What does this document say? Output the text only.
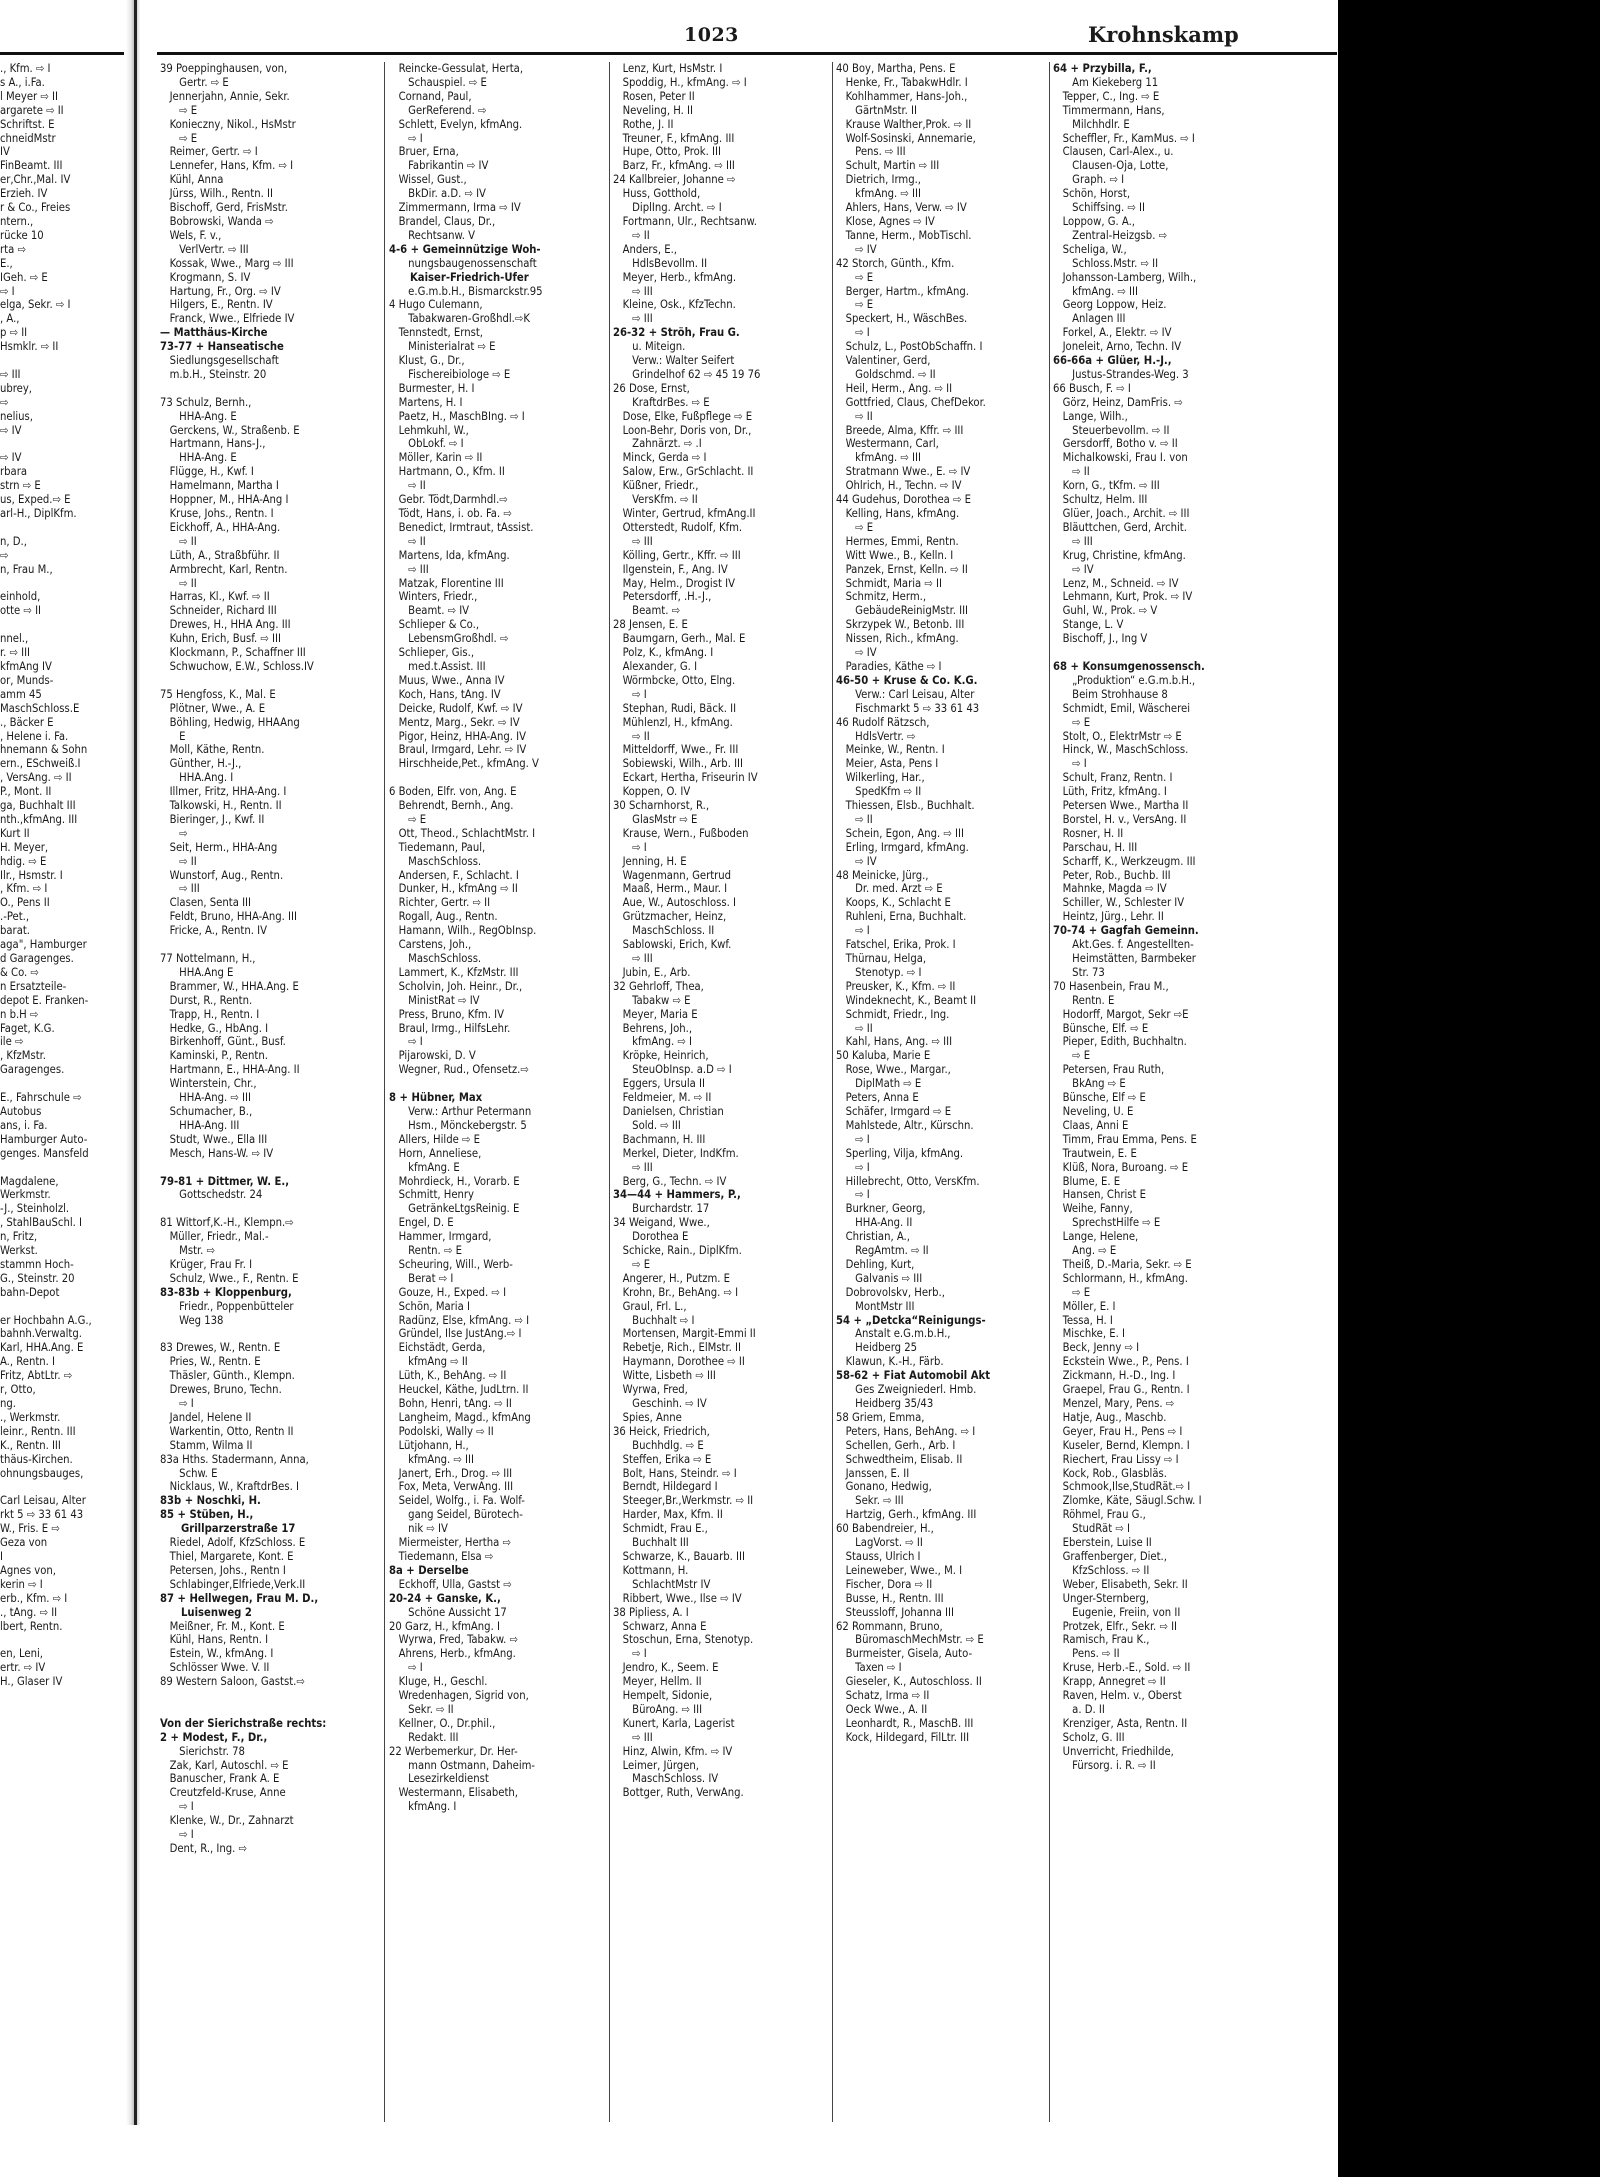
1023	Krohnskamp
., Kfm. ⇨ I
s A., i.Fa.
l Meyer ⇨ II
argarete ⇨ II
Schriftst. E
chneidMstr
IV
FinBeamt. III
er,Chr.,Mal. IV
Erzieh. IV
r & Co., Freies
ntern.,
rücke 10
rta ⇨
E.,
IGeh. ⇨ E
⇨ I
elga, Sekr. ⇨ I
, A.,
p ⇨ II
Hsmklr. ⇨ II

⇨ III
ubrey,
⇨
nelius,
⇨ IV

⇨ IV
rbara
strn ⇨ E
us, Exped.⇨ E
arl-H., DiplKfm.

n, D.,
⇨
n, Frau M.,

einhold,
otte ⇨ II

nnel.,
r. ⇨ III
kfmAng IV
or, Munds-
amm 45
MaschSchloss.E
., Bäcker E
, Helene i. Fa.
hnemann & Sohn
ern., ESchweiß.I
, VersAng. ⇨ II
P., Mont. II
ga, Buchhalt III
nth.,kfmAng. III
Kurt II
H. Meyer,
hdig. ⇨ E
Ilr., Hsmstr. I
, Kfm. ⇨ I
O., Pens II
.-Pet.,
barat.
aga", Hamburger
d Garagenges.
& Co. ⇨
n Ersatzteile-
depot E. Franken-
n b.H ⇨
Faget, K.G.
ile ⇨
, KfzMstr.
Garagenges.

E., Fahrschule ⇨
Autobus
ans, i. Fa.
Hamburger Auto-
genges. Mansfeld

Magdalene,
Werkmstr.
-J., Steinholzl.
, StahlBauSchl. I
n, Fritz,
Werkst.
stammn Hoch-
G., Steinstr. 20
bahn-Depot

er Hochbahn A.G.,
bahnh.Verwaltg.
Karl, HHA.Ang. E
A., Rentn. I
Fritz, AbtLtr. ⇨
r, Otto,
ng.
., Werkmstr.
leinr., Rentn. III
K., Rentn. III
thäus-Kirchen.
ohnungsbauges,

Carl Leisau, Alter
rkt 5 ⇨ 33 61 43
W., Fris. E ⇨
Geza von
I
Agnes von,
kerin ⇨ I
erb., Kfm. ⇨ I
., tAng. ⇨ II
lbert, Rentn.

en, Leni,
ertr. ⇨ IV
H., Glaser IV
39 Poeppinghausen, von,
Gertr. ⇨ E
Jennerjahn, Annie, Sekr.
⇨ E
Konieczny, Nikol., HsMstr
⇨ E
Reimer, Gertr. ⇨ I
Lennefer, Hans, Kfm. ⇨ I
Kühl, Anna
Jürss, Wilh., Rentn. II
Bischoff, Gerd, FrisMstr.
Bobrowski, Wanda ⇨
Wels, F. v.,
VerlVertr. ⇨ III
Kossak, Wwe., Marg ⇨ III
Krogmann, S. IV
Hartung, Fr., Org. ⇨ IV
Hilgers, E., Rentn. IV
Franck, Wwe., Elfriede IV
— Matthäus-Kirche
73-77 + Hanseatische
Siedlungsgesellschaft
m.b.H., Steinstr. 20

73 Schulz, Bernh.,
HHA-Ang. E
Gerckens, W., Straßenb. E
Hartmann, Hans-J.,
HHA-Ang. E
Flügge, H., Kwf. I
Hamelmann, Martha I
Hoppner, M., HHA-Ang I
Kruse, Johs., Rentn. I
Eickhoff, A., HHA-Ang.
⇨ II
Lüth, A., Straßbführ. II
Armbrecht, Karl, Rentn.
⇨ II
Harras, Kl., Kwf. ⇨ II
Schneider, Richard III
Drewes, H., HHA Ang. III
Kuhn, Erich, Busf. ⇨ III
Klockmann, P., Schaffner III
Schwuchow, E.W., Schloss.IV

75 Hengfoss, K., Mal. E
Plötner, Wwe., A. E
Böhling, Hedwig, HHAAng
E
Moll, Käthe, Rentn.
Günther, H.-J.,
HHA.Ang. I
Illmer, Fritz, HHA-Ang. I
Talkowski, H., Rentn. II
Bieringer, J., Kwf. II
⇨
Seit, Herm., HHA-Ang
⇨ II
Wunstorf, Aug., Rentn.
⇨ III
Clasen, Senta III
Feldt, Bruno, HHA-Ang. III
Fricke, A., Rentn. IV

77 Nottelmann, H.,
HHA.Ang E
Brammer, W., HHA.Ang. E
Durst, R., Rentn.
Trapp, H., Rentn. I
Hedke, G., HbAng. I
Birkenhoff, Günt., Busf.
Kaminski, P., Rentn.
Hartmann, E., HHA-Ang. II
Winterstein, Chr.,
HHA-Ang. ⇨ III
Schumacher, B.,
HHA-Ang. III
Studt, Wwe., Ella III
Mesch, Hans-W. ⇨ IV

79-81 + Dittmer, W. E.,
Gottschedstr. 24

81 Wittorf,K.-H., Klempn.⇨
Müller, Friedr., Mal.-
Mstr. ⇨
Krüger, Frau Fr. I
Schulz, Wwe., F., Rentn. E
83-83b + Kloppenburg,
Friedr., Poppenbütteler
Weg 138

83 Drewes, W., Rentn. E
Pries, W., Rentn. E
Thäsler, Günth., Klempn.
Drewes, Bruno, Techn.
⇨ I
Jandel, Helene II
Warkentin, Otto, Rentn II
Stamm, Wilma II
83a Hths. Stadermann, Anna,
Schw. E
Nicklaus, W., KraftdrBes. I
83b + Noschki, H.
85 + Stüben, H.,
Grillparzerstraße 17
Riedel, Adolf, KfzSchloss. E
Thiel, Margarete, Kont. E
Petersen, Johs., Rentn I
Schlabinger,Elfriede,Verk.II
87 + Hellwegen, Frau M. D.,
Luisenweg 2
Meißner, Fr. M., Kont. E
Kühl, Hans, Rentn. I
Estein, W., kfmAng. I
Schlösser Wwe. V. II
89 Western Saloon, Gastst.⇨

Von der Sierichstraße rechts:
2 + Modest, F., Dr.,
Sierichstr. 78
Zak, Karl, Autoschl. ⇨ E
Banuscher, Frank A. E
Creutzfeld-Kruse, Anne
⇨ I
Klenke, W., Dr., Zahnarzt
⇨ I
Dent, R., Ing. ⇨
Reincke-Gessulat, Herta,
Schauspiel. ⇨ E
Cornand, Paul,
GerReferend. ⇨
Schlett, Evelyn, kfmAng.
⇨ I
Bruer, Erna,
Fabrikantin ⇨ IV
Wissel, Gust.,
BkDir. a.D. ⇨ IV
Zimmermann, Irma ⇨ IV
Brandel, Claus, Dr.,
Rechtsanw. V
4-6 + Gemeinnützige Woh-
nungsbaugenossenschaft
Kaiser-Friedrich-Ufer
e.G.m.b.H., Bismarckstr.95
4 Hugo Culemann,
Tabakwaren-Großhdl.⇨K
Tennstedt, Ernst,
Ministerialrat ⇨ E
Klust, G., Dr.,
Fischereibiologe ⇨ E
Burmester, H. I
Martens, H. I
Paetz, H., MaschBIng. ⇨ I
Lehmkuhl, W.,
ObLokf. ⇨ I
Möller, Karin ⇨ II
Hartmann, O., Kfm. II
⇨ II
Gebr. Tödt,Darmhdl.⇨
Tödt, Hans, i. ob. Fa. ⇨
Benedict, Irmtraut, tAssist.
⇨ II
Martens, Ida, kfmAng.
⇨ III
Matzak, Florentine III
Winters, Friedr.,
Beamt. ⇨ IV
Schlieper & Co.,
LebensmGroßhdl. ⇨
Schlieper, Gis.,
med.t.Assist. III
Muus, Wwe., Anna IV
Koch, Hans, tAng. IV
Deicke, Rudolf, Kwf. ⇨ IV
Mentz, Marg., Sekr. ⇨ IV
Pigor, Heinz, HHA-Ang. IV
Braul, Irmgard, Lehr. ⇨ IV
Hirschheide,Pet., kfmAng. V

6 Boden, Elfr. von, Ang. E
Behrendt, Bernh., Ang.
⇨ E
Ott, Theod., SchlachtMstr. I
Tiedemann, Paul,
MaschSchloss.
Andersen, F., Schlacht. I
Dunker, H., kfmAng ⇨ II
Richter, Gertr. ⇨ II
Rogall, Aug., Rentn.
Hamann, Wilh., RegObInsp.
Carstens, Joh.,
MaschSchloss.
Lammert, K., KfzMstr. III
Scholvin, Joh. Heinr., Dr.,
MinistRat ⇨ IV
Press, Bruno, Kfm. IV
Braul, Irmg., HilfsLehr.
⇨ I
Pijarowski, D. V
Wegner, Rud., Ofensetz.⇨

8 + Hübner, Max
Verw.: Arthur Petermann
Hsm., Mönckebergstr. 5
Allers, Hilde ⇨ E
Horn, Anneliese,
kfmAng. E
Mohrdieck, H., Vorarb. E
Schmitt, Henry
GetränkeLtgsReinig. E
Engel, D. E
Hammer, Irmgard,
Rentn. ⇨ E
Scheuring, Will., Werb-
Berat ⇨ I
Gouze, H., Exped. ⇨ I
Schön, Maria I
Radünz, Else, kfmAng. ⇨ I
Gründel, Ilse JustAng.⇨ I
Eichstädt, Gerda,
kfmAng ⇨ II
Lüth, K., BehAng. ⇨ II
Heuckel, Käthe, JudLtrn. II
Bohn, Henri, tAng. ⇨ II
Langheim, Magd., kfmAng
Podolski, Wally ⇨ II
Lütjohann, H.,
kfmAng. ⇨ III
Janert, Erh., Drog. ⇨ III
Fox, Meta, VerwAng. III
Seidel, Wolfg., i. Fa. Wolf-
gang Seidel, Bürotech-
nik ⇨ IV
Miermeister, Hertha ⇨
Tiedemann, Elsa ⇨
8a + Derselbe
Eckhoff, Ulla, Gastst ⇨
20-24 + Ganske, K.,
Schöne Aussicht 17
20 Garz, H., kfmAng. I
Wyrwa, Fred, Tabakw. ⇨
Ahrens, Herb., kfmAng.
⇨ I
Kluge, H., Geschl.
Wredenhagen, Sigrid von,
Sekr. ⇨ II
Kellner, O., Dr.phil.,
Redakt. III
22 Werbemerkur, Dr. Her-
mann Ostmann, Daheim-
Lesezirkeldienst
Westermann, Elisabeth,
kfmAng. I
Lenz, Kurt, HsMstr. I
Spoddig, H., kfmAng. ⇨ I
Rosen, Peter II
Neveling, H. II
Rothe, J. II
Treuner, F., kfmAng. III
Hupe, Otto, Prok. III
Barz, Fr., kfmAng. ⇨ III
24 Kallbreier, Johanne ⇨
Huss, Gotthold,
DiplIng. Archt. ⇨ I
Fortmann, Ulr., Rechtsanw.
⇨ II
Anders, E.,
HdlsBevollm. II
Meyer, Herb., kfmAng.
⇨ III
Kleine, Osk., KfzTechn.
⇨ III
26-32 + Ströh, Frau G.
u. Miteign.
Verw.: Walter Seifert
Grindelhof 62 ⇨ 45 19 76
26 Dose, Ernst,
KraftdrBes. ⇨ E
Dose, Elke, Fußpflege ⇨ E
Loon-Behr, Doris von, Dr.,
Zahnärzt. ⇨ .I
Minck, Gerda ⇨ I
Salow, Erw., GrSchlacht. II
Küßner, Friedr.,
VersKfm. ⇨ II
Winter, Gertrud, kfmAng.II
Otterstedt, Rudolf, Kfm.
⇨ III
Kölling, Gertr., Kffr. ⇨ III
Ilgenstein, F., Ang. IV
May, Helm., Drogist IV
Petersdorff, .H.-J.,
Beamt. ⇨
28 Jensen, E. E
Baumgarn, Gerh., Mal. E
Polz, K., kfmAng. I
Alexander, G. I
Wörmbcke, Otto, Elng.
⇨ I
Stephan, Rudi, Bäck. II
Mühlenzl, H., kfmAng.
⇨ II
Mitteldorff, Wwe., Fr. III
Sobiewski, Wilh., Arb. III
Eckart, Hertha, Friseurin IV
Koppen, O. IV
30 Scharnhorst, R.,
GlasMstr ⇨ E
Krause, Wern., Fußboden
⇨ I
Jenning, H. E
Wagenmann, Gertrud
Maaß, Herm., Maur. I
Aue, W., Autoschloss. I
Grützmacher, Heinz,
MaschSchloss. II
Sablowski, Erich, Kwf.
⇨ III
Jubin, E., Arb.
32 Gehrloff, Thea,
Tabakw ⇨ E
Meyer, Maria E
Behrens, Joh.,
kfmAng. ⇨ I
Kröpke, Heinrich,
SteuObInsp. a.D ⇨ I
Eggers, Ursula II
Feldmeier, M. ⇨ II
Danielsen, Christian
Sold. ⇨ III
Bachmann, H. III
Merkel, Dieter, IndKfm.
⇨ III
Berg, G., Techn. ⇨ IV
34—44 + Hammers, P.,
Burchardstr. 17
34 Weigand, Wwe.,
Dorothea E
Schicke, Rain., DiplKfm.
⇨ E
Angerer, H., Putzm. E
Krohn, Br., BehAng. ⇨ I
Graul, Frl. L.,
Buchhalt ⇨ I
Mortensen, Margit-Emmi II
Rebetje, Rich., ElMstr. II
Haymann, Dorothee ⇨ II
Witte, Lisbeth ⇨ III
Wyrwa, Fred,
Geschinh. ⇨ IV
Spies, Anne
36 Heick, Friedrich,
Buchhdlg. ⇨ E
Steffen, Erika ⇨ E
Bolt, Hans, Steindr. ⇨ I
Berndt, Hildegard I
Steeger,Br.,Werkmstr. ⇨ II
Harder, Max, Kfm. II
Schmidt, Frau E.,
Buchhalt III
Schwarze, K., Bauarb. III
Kottmann, H.
SchlachtMstr IV
Ribbert, Wwe., Ilse ⇨ IV
38 Pipliess, A. I
Schwarz, Anna E
Stoschun, Erna, Stenotyp.
⇨ I
Jendro, K., Seem. E
Meyer, Hellm. II
Hempelt, Sidonie,
BüroAng. ⇨ III
Kunert, Karla, Lagerist
⇨ III
Hinz, Alwin, Kfm. ⇨ IV
Leimer, Jürgen,
MaschSchloss. IV
Bottger, Ruth, VerwAng.
40 Boy, Martha, Pens. E
Henke, Fr., TabakwHdlr. I
Kohlhammer, Hans-Joh.,
GärtnMstr. II
Krause Walther,Prok. ⇨ II
Wolf-Sosinski, Annemarie,
Pens. ⇨ III
Schult, Martin ⇨ III
Dietrich, Irmg.,
kfmAng. ⇨ III
Ahlers, Hans, Verw. ⇨ IV
Klose, Agnes ⇨ IV
Tanne, Herm., MobTischl.
⇨ IV
42 Storch, Günth., Kfm.
⇨ E
Berger, Hartm., kfmAng.
⇨ E
Speckert, H., WäschBes.
⇨ I
Schulz, L., PostObSchaffn. I
Valentiner, Gerd,
Goldschmd. ⇨ II
Heil, Herm., Ang. ⇨ II
Gottfried, Claus, ChefDekor.
⇨ II
Breede, Alma, Kffr. ⇨ III
Westermann, Carl,
kfmAng. ⇨ III
Stratmann Wwe., E. ⇨ IV
Ohlrich, H., Techn. ⇨ IV
44 Gudehus, Dorothea ⇨ E
Kelling, Hans, kfmAng.
⇨ E
Hermes, Emmi, Rentn.
Witt Wwe., B., Kelln. I
Panzek, Ernst, Kelln. ⇨ II
Schmidt, Maria ⇨ II
Schmitz, Herm.,
GebäudeReinigMstr. III
Skrzypek W., Betonb. III
Nissen, Rich., kfmAng.
⇨ IV
Paradies, Käthe ⇨ I
46-50 + Kruse & Co. K.G.
Verw.: Carl Leisau, Alter
Fischmarkt 5 ⇨ 33 61 43
46 Rudolf Rätzsch,
HdlsVertr. ⇨
Meinke, W., Rentn. I
Meier, Asta, Pens I
Wilkerling, Har.,
SpedKfm ⇨ II
Thiessen, Elsb., Buchhalt.
⇨ II
Schein, Egon, Ang. ⇨ III
Erling, Irmgard, kfmAng.
⇨ IV
48 Meinicke, Jürg.,
Dr. med. Arzt ⇨ E
Koops, K., Schlacht E
Ruhleni, Erna, Buchhalt.
⇨ I
Fatschel, Erika, Prok. I
Thürnau, Helga,
Stenotyp. ⇨ I
Preusker, K., Kfm. ⇨ II
Windeknecht, K., Beamt II
Schmidt, Friedr., Ing.
⇨ II
Kahl, Hans, Ang. ⇨ III
50 Kaluba, Marie E
Rose, Wwe., Margar.,
DiplMath ⇨ E
Peters, Anna E
Schäfer, Irmgard ⇨ E
Mahlstede, Altr., Kürschn.
⇨ I
Sperling, Vilja, kfmAng.
⇨ I
Hillebrecht, Otto, VersKfm.
⇨ I
Burkner, Georg,
HHA-Ang. II
Christian, A.,
RegAmtm. ⇨ II
Dehling, Kurt,
Galvanis ⇨ III
Dobrovolskv, Herb.,
MontMstr III
54 + „Detcka“Reinigungs-
Anstalt e.G.m.b.H.,
Heidberg 25
Klawun, K.-H., Färb.
58-62 + Fiat Automobil Akt
Ges Zweigniederl. Hmb.
Heidberg 35/43
58 Griem, Emma,
Peters, Hans, BehAng. ⇨ I
Schellen, Gerh., Arb. I
Schwedtheim, Elisab. II
Janssen, E. II
Gonano, Hedwig,
Sekr. ⇨ III
Hartzig, Gerh., kfmAng. III
60 Babendreier, H.,
LagVorst. ⇨ II
Stauss, Ulrich I
Leineweber, Wwe., M. I
Fischer, Dora ⇨ II
Busse, H., Rentn. III
Steussloff, Johanna III
62 Rommann, Bruno,
BüromaschMechMstr. ⇨ E
Burmeister, Gisela, Auto-
Taxen ⇨ I
Gieseler, K., Autoschloss. II
Schatz, Irma ⇨ II
Oeck Wwe., A. II
Leonhardt, R., MaschB. III
Kock, Hildegard, FilLtr. III
64 + Przybilla, F.,
Am Kiekeberg 11
Tepper, C., Ing. ⇨ E
Timmermann, Hans,
Milchhdlr. E
Scheffler, Fr., KamMus. ⇨ I
Clausen, Carl-Alex., u.
Clausen-Oja, Lotte,
Graph. ⇨ I
Schön, Horst,
Schiffsing. ⇨ II
Loppow, G. A.,
Zentral-Heizgsb. ⇨
Scheliga, W.,
Schloss.Mstr. ⇨ II
Johansson-Lamberg, Wilh.,
kfmAng. ⇨ III
Georg Loppow, Heiz.
Anlagen III
Forkel, A., Elektr. ⇨ IV
Joneleit, Arno, Techn. IV
66-66a + Glüer, H.-J.,
Justus-Strandes-Weg. 3
66 Busch, F. ⇨ I
Görz, Heinz, DamFris. ⇨
Lange, Wilh.,
Steuerbevollm. ⇨ II
Gersdorff, Botho v. ⇨ II
Michalkowski, Frau I. von
⇨ II
Korn, G., tKfm. ⇨ III
Schultz, Helm. III
Glüer, Joach., Archit. ⇨ III
Bläuttchen, Gerd, Archit.
⇨ III
Krug, Christine, kfmAng.
⇨ IV
Lenz, M., Schneid. ⇨ IV
Lehmann, Kurt, Prok. ⇨ IV
Guhl, W., Prok. ⇨ V
Stange, L. V
Bischoff, J., Ing V

68 + Konsumgenossensch.
„Produktion“ e.G.m.b.H.,
Beim Strohhause 8
Schmidt, Emil, Wäscherei
⇨ E
Stolt, O., ElektrMstr ⇨ E
Hinck, W., MaschSchloss.
⇨ I
Schult, Franz, Rentn. I
Lüth, Fritz, kfmAng. I
Petersen Wwe., Martha II
Borstel, H. v., VersAng. II
Rosner, H. II
Parschau, H. III
Scharff, K., Werkzeugm. III
Peter, Rob., Buchb. III
Mahnke, Magda ⇨ IV
Schiller, W., Schlester IV
Heintz, Jürg., Lehr. II
70-74 + Gagfah Gemeinn.
Akt.Ges. f. Angestellten-
Heimstätten, Barmbeker
Str. 73
70 Hasenbein, Frau M.,
Rentn. E
Hodorff, Margot, Sekr ⇨E
Bünsche, Elf. ⇨ E
Pieper, Edith, Buchhaltn.
⇨ E
Petersen, Frau Ruth,
BkAng ⇨ E
Bünsche, Elf ⇨ E
Neveling, U. E
Claas, Anni E
Timm, Frau Emma, Pens. E
Trautwein, E. E
Klüß, Nora, Buroang. ⇨ E
Blume, E. E
Hansen, Christ E
Weihe, Fanny,
SprechstHilfe ⇨ E
Lange, Helene,
Ang. ⇨ E
Theiß, D.-Maria, Sekr. ⇨ E
Schlormann, H., kfmAng.
⇨ E
Möller, E. I
Tessa, H. I
Mischke, E. I
Beck, Jenny ⇨ I
Eckstein Wwe., P., Pens. I
Zickmann, H.-D., Ing. I
Graepel, Frau G., Rentn. I
Menzel, Mary, Pens. ⇨
Hatje, Aug., Maschb.
Geyer, Frau H., Pens ⇨ I
Kuseler, Bernd, Klempn. I
Riechert, Frau Lissy ⇨ I
Kock, Rob., Glasbläs.
Schmook,Ilse,StudRät.⇨ I
Zlomke, Käte, Säugl.Schw. I
Röhmel, Frau G.,
StudRät ⇨ I
Eberstein, Luise II
Graffenberger, Diet.,
KfzSchloss. ⇨ II
Weber, Elisabeth, Sekr. II
Unger-Sternberg,
Eugenie, Freiin, von II
Protzek, Elfr., Sekr. ⇨ II
Ramisch, Frau K.,
Pens. ⇨ II
Kruse, Herb.-E., Sold. ⇨ II
Krapp, Annegret ⇨ II
Raven, Helm. v., Oberst
a. D. II
Krenziger, Asta, Rentn. II
Scholz, G. III
Unverricht, Friedhilde,
Fürsorg. i. R. ⇨ II
